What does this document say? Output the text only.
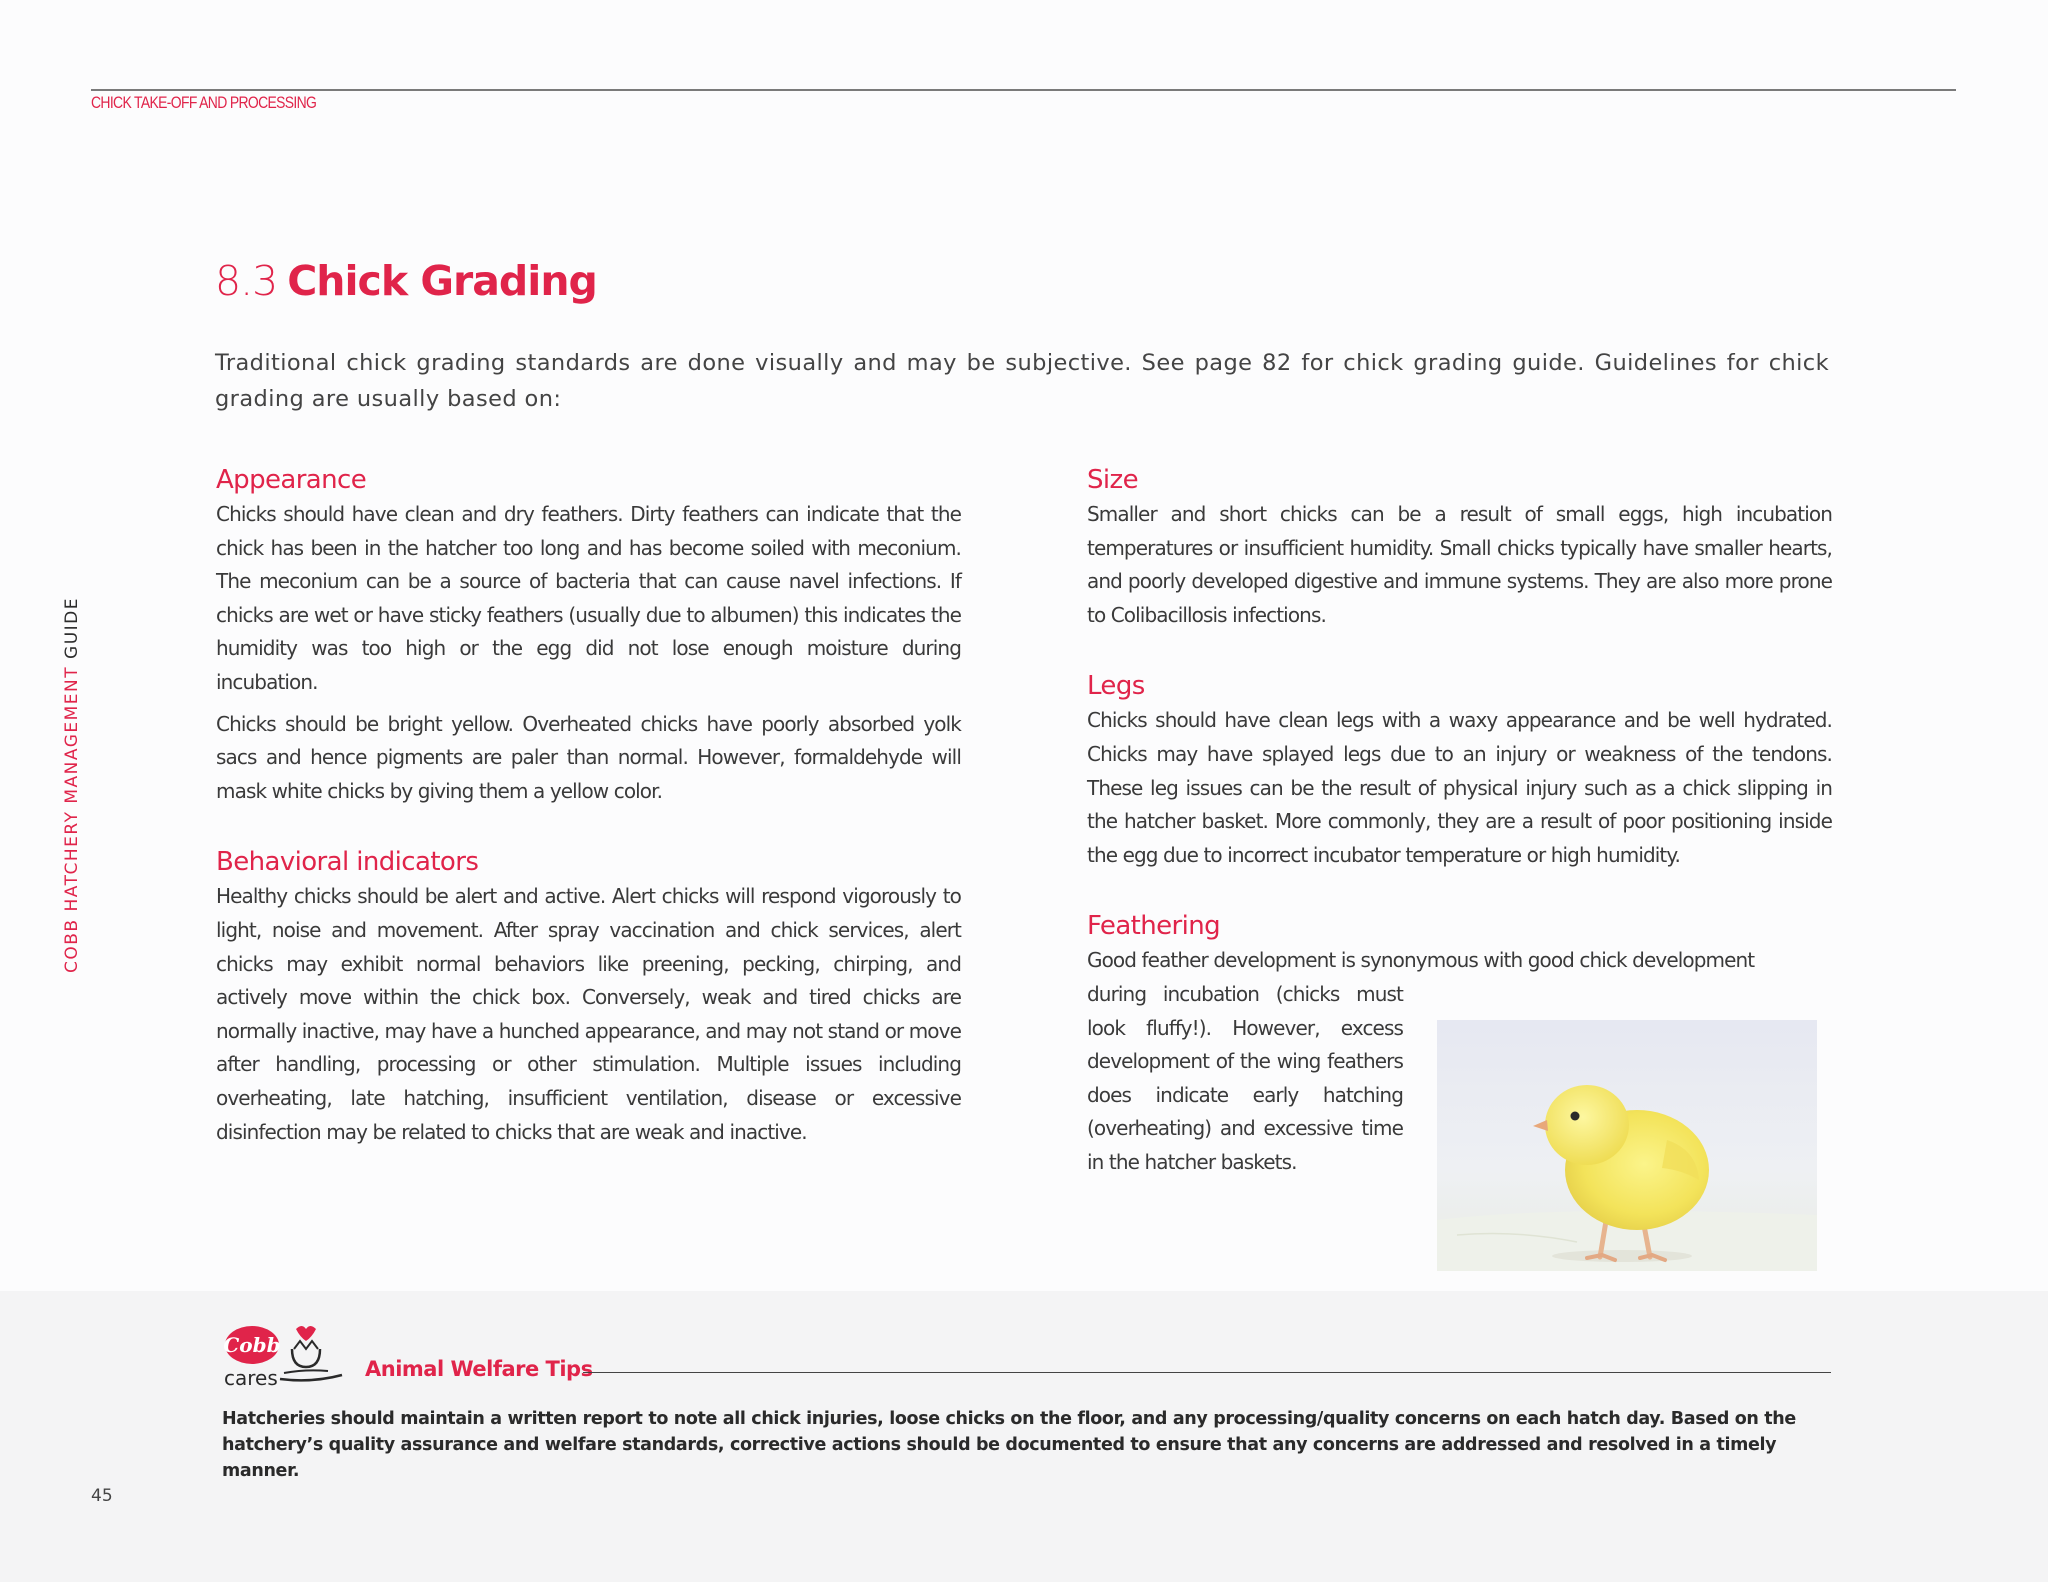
CHICK TAKE-OFF AND PROCESSING
COBB HATCHERY MANAGEMENT GUIDE
8.3 Chick Grading
Traditional chick grading standards are done visually and may be subjective. See page 82 for chick grading guide. Guidelines for chick grading are usually based on:
Appearance

Chicks should have clean and dry feathers. Dirty feathers can indicate that the chick has been in the hatcher too long and has become soiled with meconium. The meconium can be a source of bacteria that can cause navel infections. If chicks are wet or have sticky feathers (usually due to albumen) this indicates the humidity was too high or the egg did not lose enough moisture during incubation.

Chicks should be bright yellow. Overheated chicks have poorly absorbed yolk sacs and hence pigments are paler than normal. However, formaldehyde will mask white chicks by giving them a yellow color.

Behavioral indicators

Healthy chicks should be alert and active. Alert chicks will respond vigorously to light, noise and movement. After spray vaccination and chick services, alert chicks may exhibit normal behaviors like preening, pecking, chirping, and actively move within the chick box. Conversely, weak and tired chicks are normally inactive, may have a hunched appearance, and may not stand or move after handling, processing or other stimulation. Multiple issues including overheating, late hatching, insufficient ventilation, disease or excessive disinfection may be related to chicks that are weak and inactive.

Size

Smaller and short chicks can be a result of small eggs, high incubation temperatures or insufficient humidity. Small chicks typically have smaller hearts, and poorly developed digestive and immune systems. They are also more prone to Colibacillosis infections.

Legs

Chicks should have clean legs with a waxy appearance and be well hydrated. Chicks may have splayed legs due to an injury or weakness of the tendons. These leg issues can be the result of physical injury such as a chick slipping in the hatcher basket. More commonly, they are a result of poor positioning inside the egg due to incorrect incubator temperature or high humidity.

Feathering

Good feather development is synonymous with good chick development

during incubation (chicks must look fluffy!). However, excess development of the wing feathers does indicate early hatching (overheating) and excessive time in the hatcher baskets.

Cobb
cares	Animal Welfare Tips
Hatcheries should maintain a written report to note all chick injuries, loose chicks on the floor, and any processing/quality concerns on each hatch day. Based on the hatchery’s quality assurance and welfare standards, corrective actions should be documented to ensure that any concerns are addressed and resolved in a timely manner.
45
